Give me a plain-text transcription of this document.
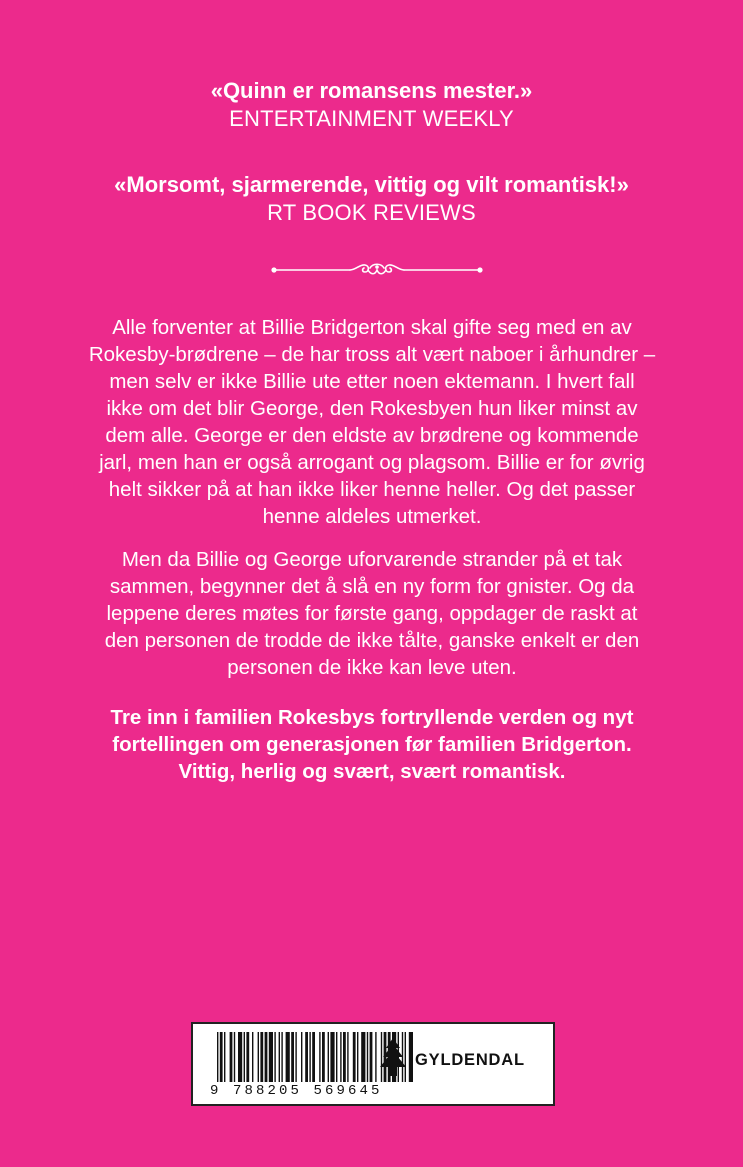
«Quinn er romansens mester.»
ENTERTAINMENT WEEKLY
«Morsomt, sjarmerende, vittig og vilt romantisk!»
RT BOOK REVIEWS
Alle forventer at Billie Bridgerton skal gifte seg med en av
Rokesby-brødrene – de har tross alt vært naboer i århundrer –
men selv er ikke Billie ute etter noen ektemann. I hvert fall
ikke om det blir George, den Rokesbyen hun liker minst av
dem alle. George er den eldste av brødrene og kommende
jarl, men han er også arrogant og plagsom. Billie er for øvrig
helt sikker på at han ikke liker henne heller. Og det passer
henne aldeles utmerket.
Men da Billie og George uforvarende strander på et tak
sammen, begynner det å slå en ny form for gnister. Og da
leppene deres møtes for første gang, oppdager de raskt at
den personen de trodde de ikke tålte, ganske enkelt er den
personen de ikke kan leve uten.
Tre inn i familien Rokesbys fortryllende verden og nyt
fortellingen om generasjonen før familien Bridgerton.
Vittig, herlig og svært, svært romantisk.
9 788205 569645
GYLDENDAL
